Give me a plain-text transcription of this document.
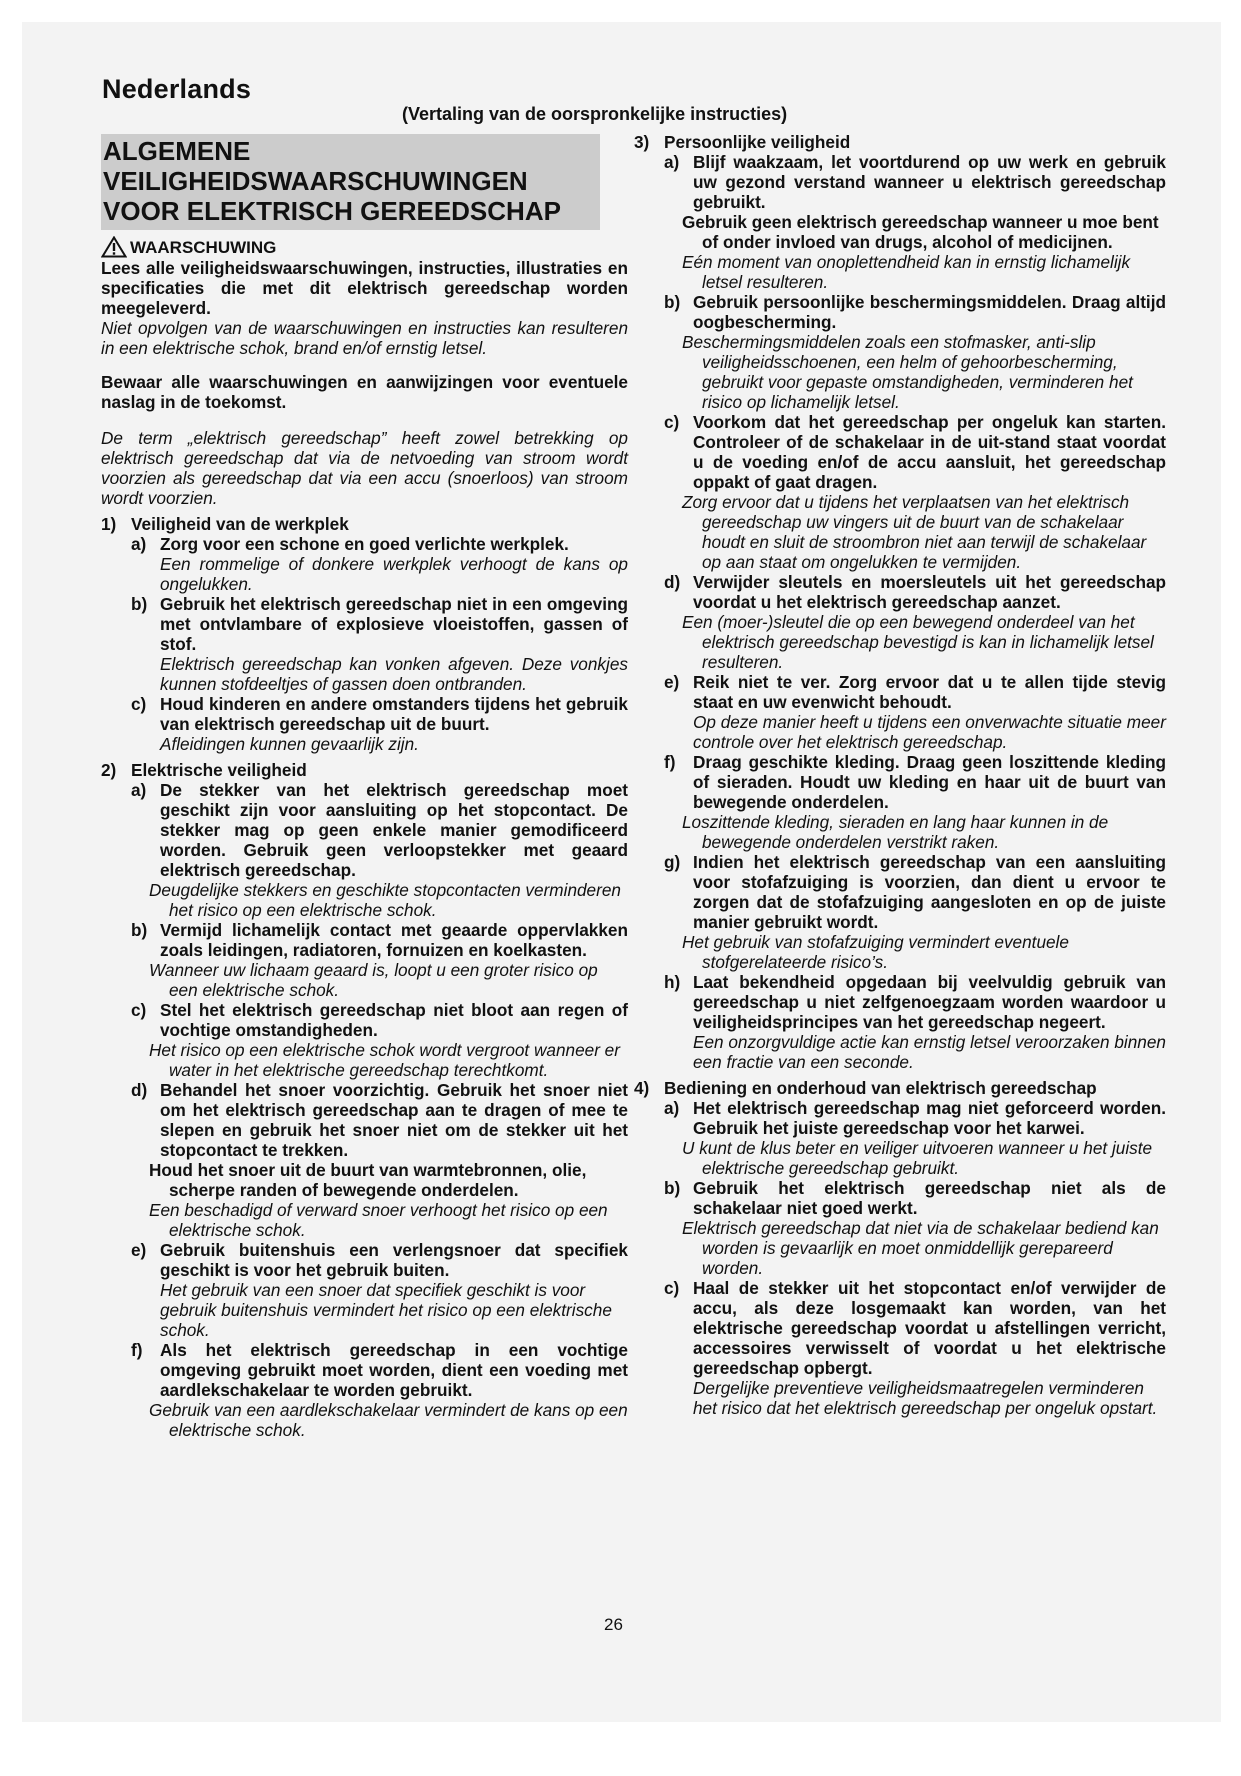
Nederlands
(Vertaling van de oorspronkelijke instructies)
ALGEMENE
VEILIGHEIDSWAARSCHUWINGEN
VOOR ELEKTRISCH GEREEDSCHAP
WAARSCHUWING

Lees alle veiligheidswaarschuwingen, instructies, illustraties en specificaties die met dit elektrisch gereedschap worden meegeleverd.

Niet opvolgen van de waarschuwingen en instructies kan resulteren in een elektrische schok, brand en/of ernstig letsel.

Bewaar alle waarschuwingen en aanwijzingen voor eventuele naslag in de toekomst.

De term „elektrisch gereedschap” heeft zowel betrekking op elektrisch gereedschap dat via de netvoeding van stroom wordt voorzien als gereedschap dat via een accu (snoerloos) van stroom wordt voorzien.

1) Veiligheid van de werkplek
a) Zorg voor een schone en goed verlichte werkplek.

Een rommelige of donkere werkplek verhoogt de kans op ongelukken.

b) Gebruik het elektrisch gereedschap niet in een omgeving met ontvlambare of explosieve vloeistoffen, gassen of stof.

Elektrisch gereedschap kan vonken afgeven. Deze vonkjes kunnen stofdeeltjes of gassen doen ontbranden.

c) Houd kinderen en andere omstanders tijdens het gebruik van elektrisch gereedschap uit de buurt.

Afleidingen kunnen gevaarlijk zijn.

2) Elektrische veiligheid
a) De stekker van het elektrisch gereedschap moet geschikt zijn voor aansluiting op het stopcontact. De stekker mag op geen enkele manier gemodificeerd worden. Gebruik geen verloopstekker met geaard elektrisch gereedschap.

Deugdelijke stekkers en geschikte stopcontacten verminderen het risico op een elektrische schok.

b) Vermijd lichamelijk contact met geaarde oppervlakken zoals leidingen, radiatoren, fornuizen en koelkasten.

Wanneer uw lichaam geaard is, loopt u een groter risico op een elektrische schok.

c) Stel het elektrisch gereedschap niet bloot aan regen of vochtige omstandigheden.

Het risico op een elektrische schok wordt vergroot wanneer er water in het elektrische gereedschap terechtkomt.

d) Behandel het snoer voorzichtig. Gebruik het snoer niet om het elektrisch gereedschap aan te dragen of mee te slepen en gebruik het snoer niet om de stekker uit het stopcontact te trekken.

Houd het snoer uit de buurt van warmtebronnen, olie, scherpe randen of bewegende onderdelen.

Een beschadigd of verward snoer verhoogt het risico op een elektrische schok.

e) Gebruik buitenshuis een verlengsnoer dat specifiek geschikt is voor het gebruik buiten.

Het gebruik van een snoer dat specifiek geschikt is voor gebruik buitenshuis vermindert het risico op een elektrische schok.

f)	Als het elektrisch gereedschap in een vochtige omgeving gebruikt moet worden, dient een voeding met aardlekschakelaar te worden gebruikt.

Gebruik van een aardlekschakelaar vermindert de kans op een elektrische schok.

3) Persoonlijke veiligheid
a) Blijf waakzaam, let voortdurend op uw werk en gebruik uw gezond verstand wanneer u elektrisch gereedschap gebruikt.

Gebruik geen elektrisch gereedschap wanneer u moe bent of onder invloed van drugs, alcohol of medicijnen.

Eén moment van onoplettendheid kan in ernstig lichamelijk letsel resulteren.

b) Gebruik persoonlijke beschermingsmiddelen. Draag altijd oogbescherming.

Beschermingsmiddelen zoals een stofmasker, anti-slip veiligheidsschoenen, een helm of gehoorbescherming, gebruikt voor gepaste omstandigheden, verminderen het risico op lichamelijk letsel.

c) Voorkom dat het gereedschap per ongeluk kan starten. Controleer of de schakelaar in de uit-stand staat voordat u de voeding en/of de accu aansluit, het gereedschap oppakt of gaat dragen.

Zorg ervoor dat u tijdens het verplaatsen van het elektrisch gereedschap uw vingers uit de buurt van de schakelaar houdt en sluit de stroombron niet aan terwijl de schakelaar op aan staat om ongelukken te vermijden.

d) Verwijder sleutels en moersleutels uit het gereedschap voordat u het elektrisch gereedschap aanzet.

Een (moer-)sleutel die op een bewegend onderdeel van het elektrisch gereedschap bevestigd is kan in lichamelijk letsel resulteren.

e) Reik niet te ver. Zorg ervoor dat u te allen tijde stevig staat en uw evenwicht behoudt.

Op deze manier heeft u tijdens een onverwachte situatie meer controle over het elektrisch gereedschap.

f)	Draag geschikte kleding. Draag geen loszittende kleding of sieraden. Houdt uw kleding en haar uit de buurt van bewegende onderdelen.

Loszittende kleding, sieraden en lang haar kunnen in de bewegende onderdelen verstrikt raken.

g) Indien het elektrisch gereedschap van een aansluiting voor stofafzuiging is voorzien, dan dient u ervoor te zorgen dat de stofafzuiging aangesloten en op de juiste manier gebruikt wordt.

Het gebruik van stofafzuiging vermindert eventuele stofgerelateerde risico’s.

h) Laat bekendheid opgedaan bij veelvuldig gebruik van gereedschap u niet zelfgenoegzaam worden waardoor u veiligheidsprincipes van het gereedschap negeert.

Een onzorgvuldige actie kan ernstig letsel veroorzaken binnen een fractie van een seconde.

4) Bediening en onderhoud van elektrisch gereedschap
a) Het elektrisch gereedschap mag niet geforceerd worden. Gebruik het juiste gereedschap voor het karwei.

U kunt de klus beter en veiliger uitvoeren wanneer u het juiste elektrische gereedschap gebruikt.

b) Gebruik het elektrisch gereedschap niet als de schakelaar niet goed werkt.

Elektrisch gereedschap dat niet via de schakelaar bediend kan worden is gevaarlijk en moet onmiddellijk gerepareerd worden.

c) Haal de stekker uit het stopcontact en/of verwijder de accu, als deze losgemaakt kan worden, van het elektrische gereedschap voordat u afstellingen verricht, accessoires verwisselt of voordat u het elektrische gereedschap opbergt.

Dergelijke preventieve veiligheidsmaatregelen verminderen het risico dat het elektrisch gereedschap per ongeluk opstart.

26
